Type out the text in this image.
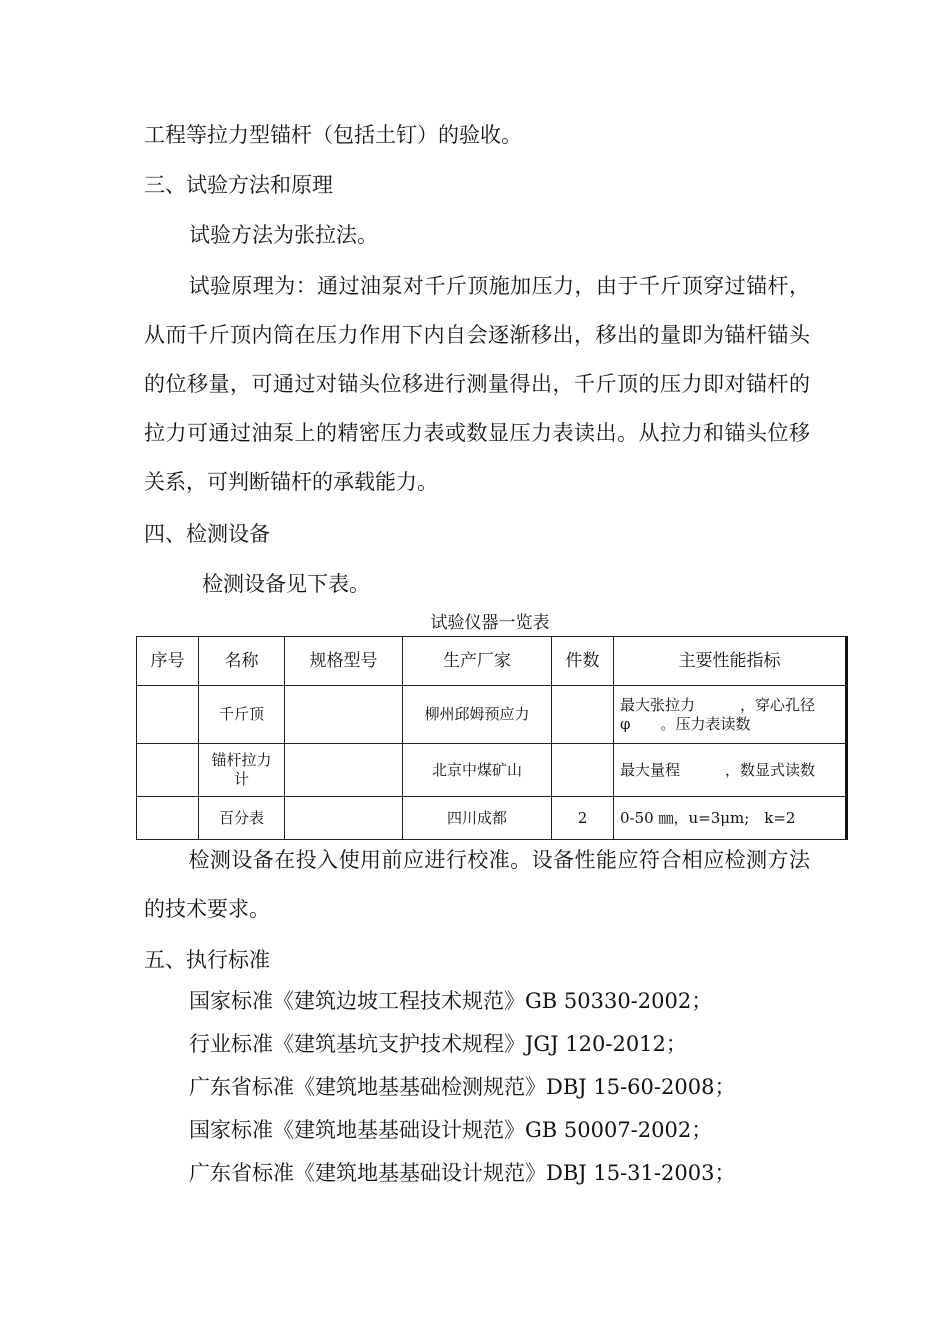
工程等拉力型锚杆（包括土钉）的验收。
三、试验方法和原理
试验方法为张拉法。
试验原理为：通过油泵对千斤顶施加压力，由于千斤顶穿过锚杆，从而千斤顶内筒在压力作用下内自会逐渐移出，移出的量即为锚杆锚头的位移量，可通过对锚头位移进行测量得出，千斤顶的压力即对锚杆的拉力可通过油泵上的精密压力表或数显压力表读出。从拉力和锚头位移关系，可判断锚杆的承载能力。
四、检测设备
检测设备见下表。
试验仪器一览表
序号	名称	规格型号	生产厂家	件数	主要性能指标
	千斤顶		柳州邱姆预应力		最大张拉力　　　，穿心孔径φ　　。压力表读数
	锚杆拉力计		北京中煤矿山		最大量程　　　，数显式读数
	百分表		四川成都	2	0-50 ㎜，u=3μm;　k=2
检测设备在投入使用前应进行校准。设备性能应符合相应检测方法的技术要求。
五、执行标准
国家标准《建筑边坡工程技术规范》GB 50330-2002；
行业标准《建筑基坑支护技术规程》JGJ 120-2012；
广东省标准《建筑地基基础检测规范》DBJ 15-60-2008；
国家标准《建筑地基基础设计规范》GB 50007-2002；
广东省标准《建筑地基基础设计规范》DBJ 15-31-2003；
